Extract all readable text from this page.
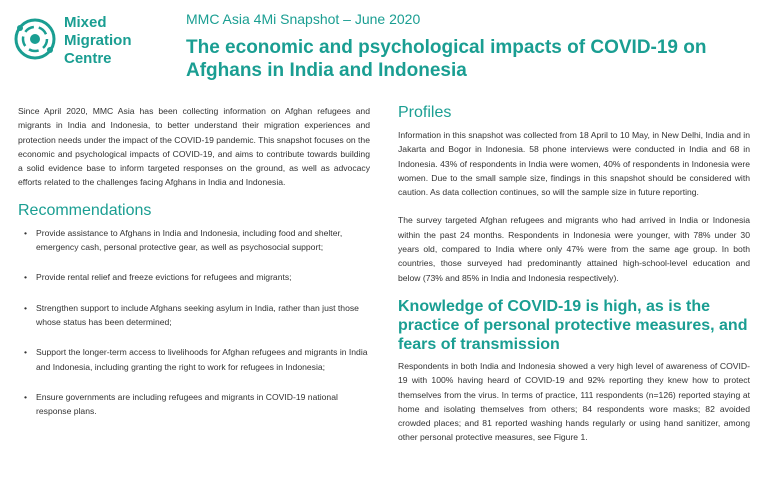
Mixed
Migration
Centre
MMC Asia 4Mi Snapshot – June 2020
The economic and psychological impacts of COVID-19 on Afghans in India and Indonesia

Since April 2020, MMC Asia has been collecting information on Afghan refugees and migrants in India and Indonesia, to better understand their migration experiences and protection needs under the impact of the COVID-19 pandemic. This snapshot focuses on the economic and psychological impacts of COVID-19, and aims to contribute towards building a solid evidence base to inform targeted responses on the ground, as well as advocacy efforts related to the challenges facing Afghans in India and Indonesia.

Recommendations
• Provide assistance to Afghans in India and Indonesia, including food and shelter, emergency cash, personal protective gear, as well as psychosocial support;
• Provide rental relief and freeze evictions for refugees and migrants;
• Strengthen support to include Afghans seeking asylum in India, rather than just those whose status has been determined;
• Support the longer-term access to livelihoods for Afghan refugees and migrants in India and Indonesia, including granting the right to work for refugees in Indonesia;
• Ensure governments are including refugees and migrants in COVID-19 national response plans.
Profiles

Information in this snapshot was collected from 18 April to 10 May, in New Delhi, India and in Jakarta and Bogor in Indonesia. 58 phone interviews were conducted in India and 68 in Indonesia. 43% of respondents in India were women, 40% of respondents in Indonesia were women. Due to the small sample size, findings in this snapshot should be considered with caution. As data collection continues, so will the sample size in future reporting.

The survey targeted Afghan refugees and migrants who had arrived in India or Indonesia within the past 24 months. Respondents in Indonesia were younger, with 78% under 30 years old, compared to India where only 47% were from the same age group. In both countries, those surveyed had predominantly attained high-school-level education and below (73% and 85% in India and Indonesia respectively).

Knowledge of COVID-19 is high, as is the practice of personal protective measures, and fears of transmission

Respondents in both India and Indonesia showed a very high level of awareness of COVID-19 with 100% having heard of COVID-19 and 92% reporting they knew how to protect themselves from the virus. In terms of practice, 111 respondents (n=126) reported staying at home and isolating themselves from others; 84 respondents wore masks; 82 avoided crowded places; and 81 reported washing hands regularly or using hand sanitizer, among other personal protective measures, see Figure 1.
